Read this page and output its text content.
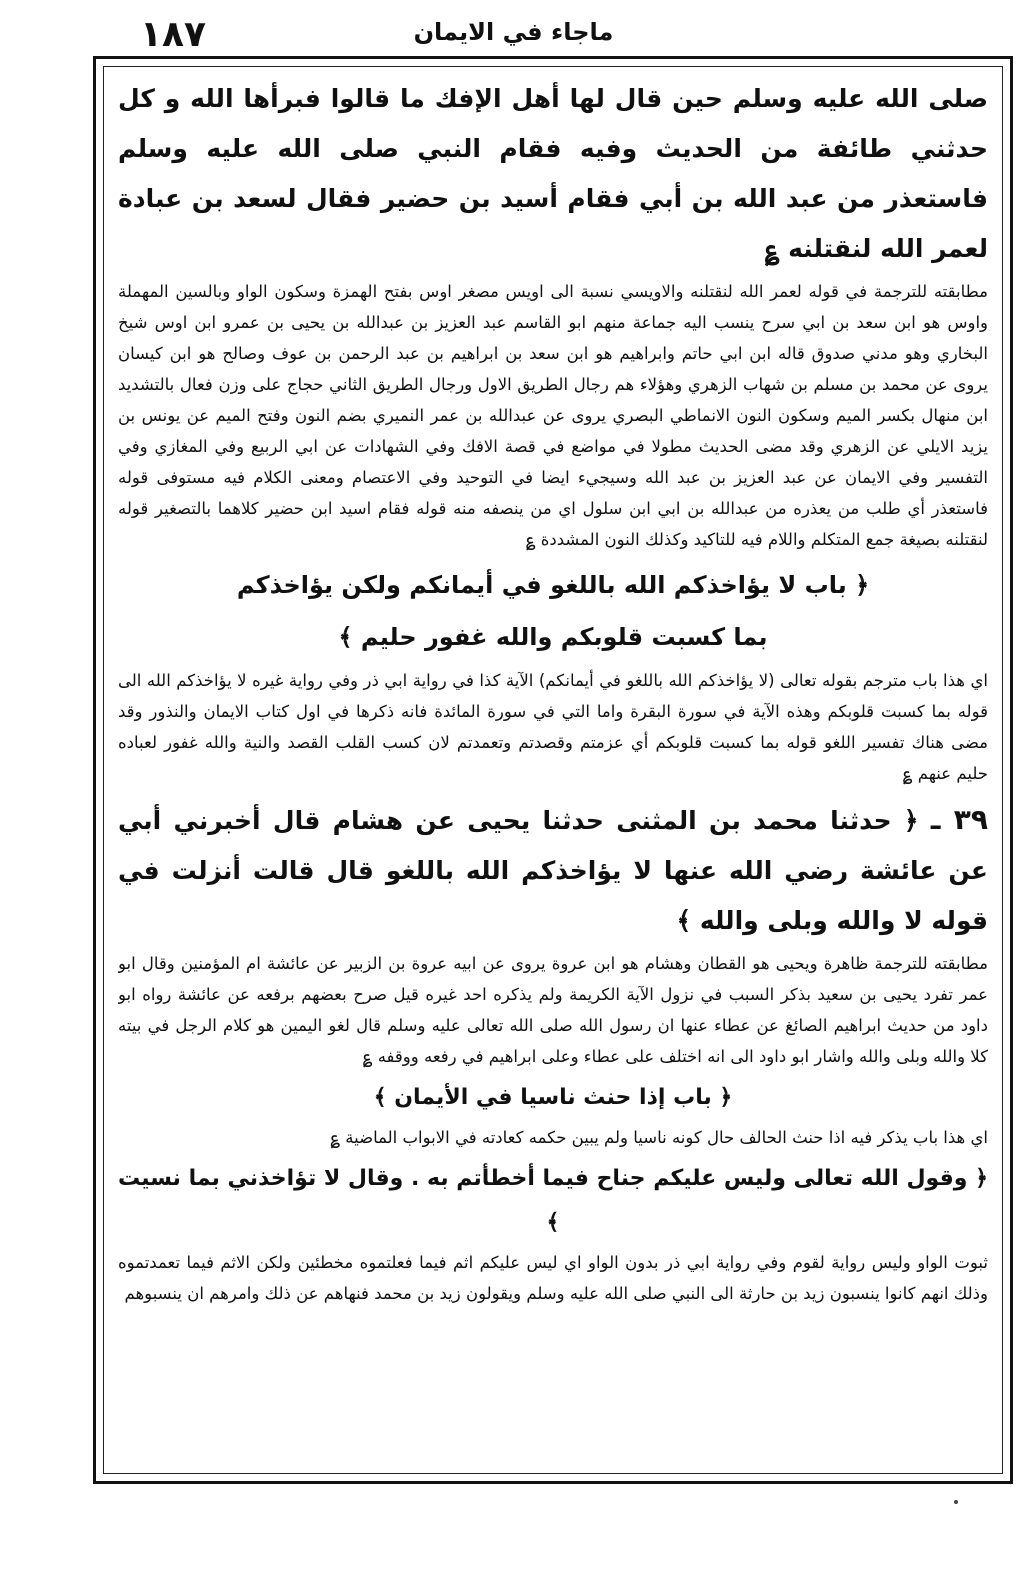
١٨٧	ماجاء في الايمان

صلى الله عليه وسلم حين قال لها أهل الإفك ما قالوا فبرأها الله و كل حدثني طائفة من الحديث وفيه فقام النبي صلى الله عليه وسلم فاستعذر من عبد الله بن أبي فقام أسيد بن حضير فقال لسعد بن عبادة لعمر الله لنقتلنه ؏

مطابقته للترجمة في قوله لعمر الله لنقتلنه والاويسي نسبة الى اويس مصغر اوس بفتح الهمزة وسكون الواو وبالسين المهملة واوس هو ابن سعد بن ابي سرح ينسب اليه جماعة منهم ابو القاسم عبد العزيز بن عبدالله بن يحيى بن عمرو ابن اوس شيخ البخاري وهو مدني صدوق قاله ابن ابي حاتم وابراهيم هو ابن سعد بن ابراهيم بن عبد الرحمن بن عوف وصالح هو ابن كيسان يروى عن محمد بن مسلم بن شهاب الزهري وهؤلاء هم رجال الطريق الاول ورجال الطريق الثاني حجاج على وزن فعال بالتشديد ابن منهال بكسر الميم وسكون النون الانماطي البصري يروى عن عبدالله بن عمر النميري بضم النون وفتح الميم عن يونس بن يزيد الايلي عن الزهري وقد مضى الحديث مطولا في مواضع في قصة الافك وفي الشهادات عن ابي الربيع وفي المغازي وفي التفسير وفي الايمان عن عبد العزيز بن عبد الله وسيجيء ايضا في التوحيد وفي الاعتصام ومعنى الكلام فيه مستوفى قوله فاستعذر أي طلب من يعذره من عبدالله بن ابي ابن سلول اي من ينصفه منه قوله فقام اسيد ابن حضير كلاهما بالتصغير قوله لنقتلنه بصيغة جمع المتكلم واللام فيه للتاكيد وكذلك النون المشددة ؏

﴿ باب لا يؤاخذكم الله باللغو في أيمانكم ولكن يؤاخذكم
بما كسبت قلوبكم والله غفور حليم ﴾

اي هذا باب مترجم بقوله تعالى (لا يؤاخذكم الله باللغو في أيمانكم) الآية كذا في رواية ابي ذر وفي رواية غيره لا يؤاخذكم الله الى قوله بما كسبت قلوبكم وهذه الآية في سورة البقرة واما التي في سورة المائدة فانه ذكرها في اول كتاب الايمان والنذور وقد مضى هناك تفسير اللغو قوله بما كسبت قلوبكم أي عزمتم وقصدتم وتعمدتم لان كسب القلب القصد والنية والله غفور لعباده حليم عنهم ؏

٣٩ ـ ﴿ حدثنا محمد بن المثنى حدثنا يحيى عن هشام قال أخبرني أبي عن عائشة رضي الله عنها لا يؤاخذكم الله باللغو قال قالت أنزلت في قوله لا والله وبلى والله ﴾

مطابقته للترجمة ظاهرة ويحيى هو القطان وهشام هو ابن عروة يروى عن ابيه عروة بن الزبير عن عائشة ام المؤمنين وقال ابو عمر تفرد يحيى بن سعيد بذكر السبب في نزول الآية الكريمة ولم يذكره احد غيره قيل صرح بعضهم برفعه عن عائشة رواه ابو داود من حديث ابراهيم الصائغ عن عطاء عنها ان رسول الله صلى الله تعالى عليه وسلم قال لغو اليمين هو كلام الرجل في بيته كلا والله وبلى والله واشار ابو داود الى انه اختلف على عطاء وعلى ابراهيم في رفعه ووقفه ؏

﴿ باب إذا حنث ناسيا في الأيمان ﴾

اي هذا باب يذكر فيه اذا حنث الحالف حال كونه ناسيا ولم يبين حكمه كعادته في الابواب الماضية ؏

﴿ وقول الله تعالى وليس عليكم جناح فيما أخطأتم به . وقال لا تؤاخذني بما نسيت ﴾

ثبوت الواو وليس رواية لقوم وفي رواية ابي ذر بدون الواو اي ليس عليكم اثم فيما فعلتموه مخطئين ولكن الاثم فيما تعمدتموه وذلك انهم كانوا ينسبون زيد بن حارثة الى النبي صلى الله عليه وسلم ويقولون زيد بن محمد فنهاهم عن ذلك وامرهم ان ينسبوهم
